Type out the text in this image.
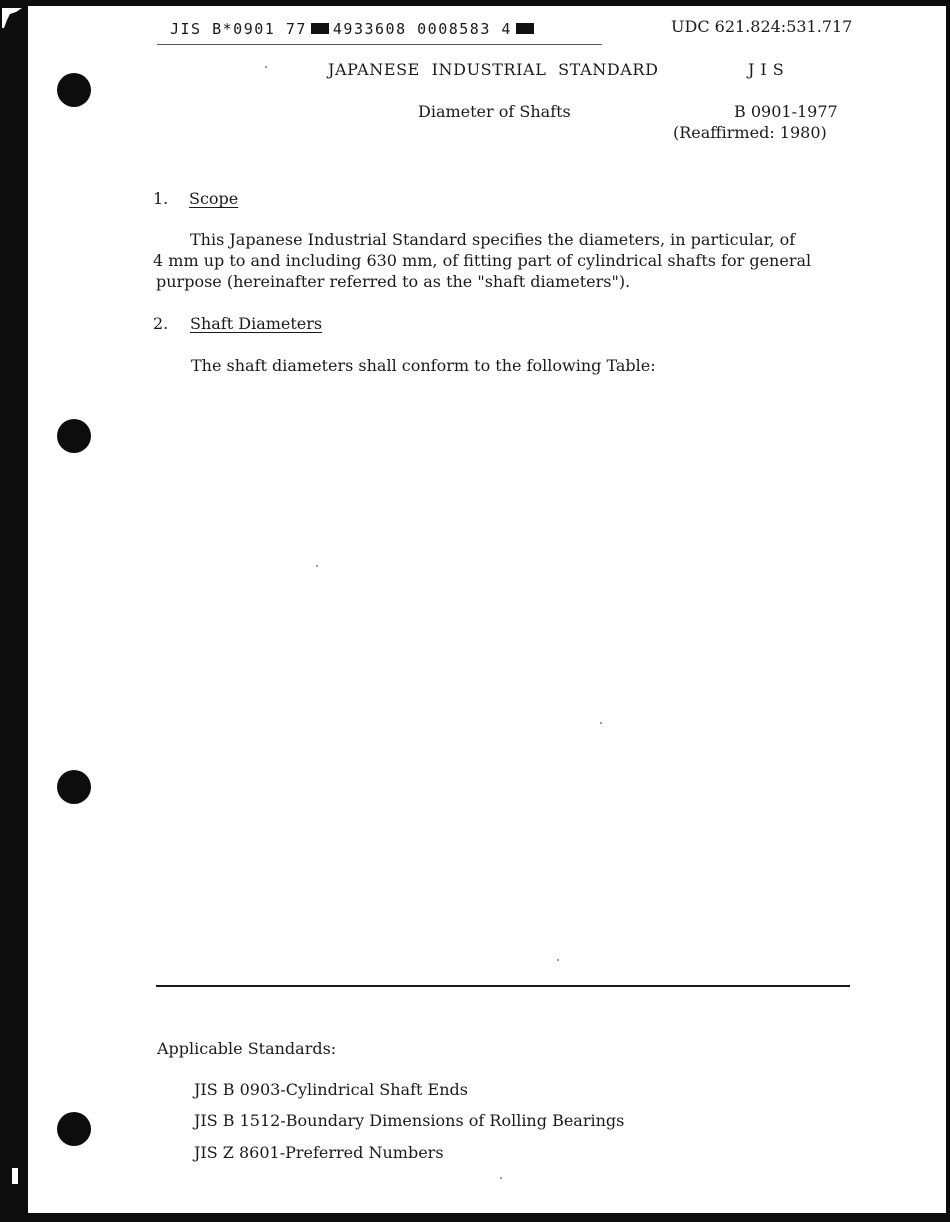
JIS B*0901 77 4933608 0008583 4	UDC 621.824:531.717
JAPANESE INDUSTRIAL STANDARD	JIS
Diameter of Shafts	B 0901-1977
(Reaffirmed: 1980)
1. Scope
This Japanese Industrial Standard specifies the diameters, in particular, of
4 mm up to and including 630 mm, of fitting part of cylindrical shafts for general
purpose (hereinafter referred to as the "shaft diameters").
2. Shaft Diameters
The shaft diameters shall conform to the following Table:
Applicable Standards:
JIS B 0903-Cylindrical Shaft Ends
JIS B 1512-Boundary Dimensions of Rolling Bearings
JIS Z 8601-Preferred Numbers
